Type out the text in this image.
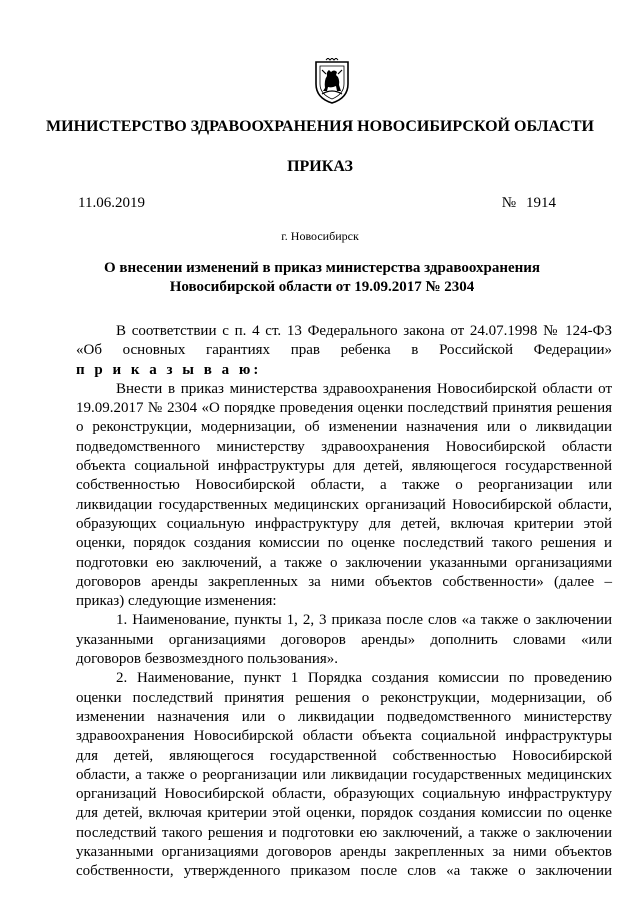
МИНИСТЕРСТВО ЗДРАВООХРАНЕНИЯ НОВОСИБИРСКОЙ ОБЛАСТИ
ПРИКАЗ
11.06.2019	№ 1914
г. Новосибирск
О внесении изменений в приказ министерства здравоохранения
Новосибирской области от 19.09.2017 № 2304
В соответствии с п. 4 ст. 13 Федерального закона от 24.07.1998 № 124-ФЗ
«Об основных гарантиях прав ребенка в Российской Федерации»
п р и к а з ы в а ю:
Внести в приказ министерства здравоохранения Новосибирской области от
19.09.2017 № 2304 «О порядке проведения оценки последствий принятия решения
о реконструкции, модернизации, об изменении назначения или о ликвидации
подведомственного министерству здравоохранения Новосибирской области
объекта социальной инфраструктуры для детей, являющегося государственной
собственностью Новосибирской области, а также о реорганизации или
ликвидации государственных медицинских организаций Новосибирской области,
образующих социальную инфраструктуру для детей, включая критерии этой
оценки, порядок создания комиссии по оценке последствий такого решения и
подготовки ею заключений, а также о заключении указанными организациями
договоров аренды закрепленных за ними объектов собственности» (далее –
приказ) следующие изменения:
1. Наименование, пункты 1, 2, 3 приказа после слов «а также о заключении
указанными организациями договоров аренды» дополнить словами «или
договоров безвозмездного пользования».
2. Наименование, пункт 1 Порядка создания комиссии по проведению
оценки последствий принятия решения о реконструкции, модернизации, об
изменении назначения или о ликвидации подведомственного министерству
здравоохранения Новосибирской области объекта социальной инфраструктуры
для детей, являющегося государственной собственностью Новосибирской
области, а также о реорганизации или ликвидации государственных медицинских
организаций Новосибирской области, образующих социальную инфраструктуру
для детей, включая критерии этой оценки, порядок создания комиссии по оценке
последствий такого решения и подготовки ею заключений, а также о заключении
указанными организациями договоров аренды закрепленных за ними объектов
собственности, утвержденного приказом после слов «а также о заключении
